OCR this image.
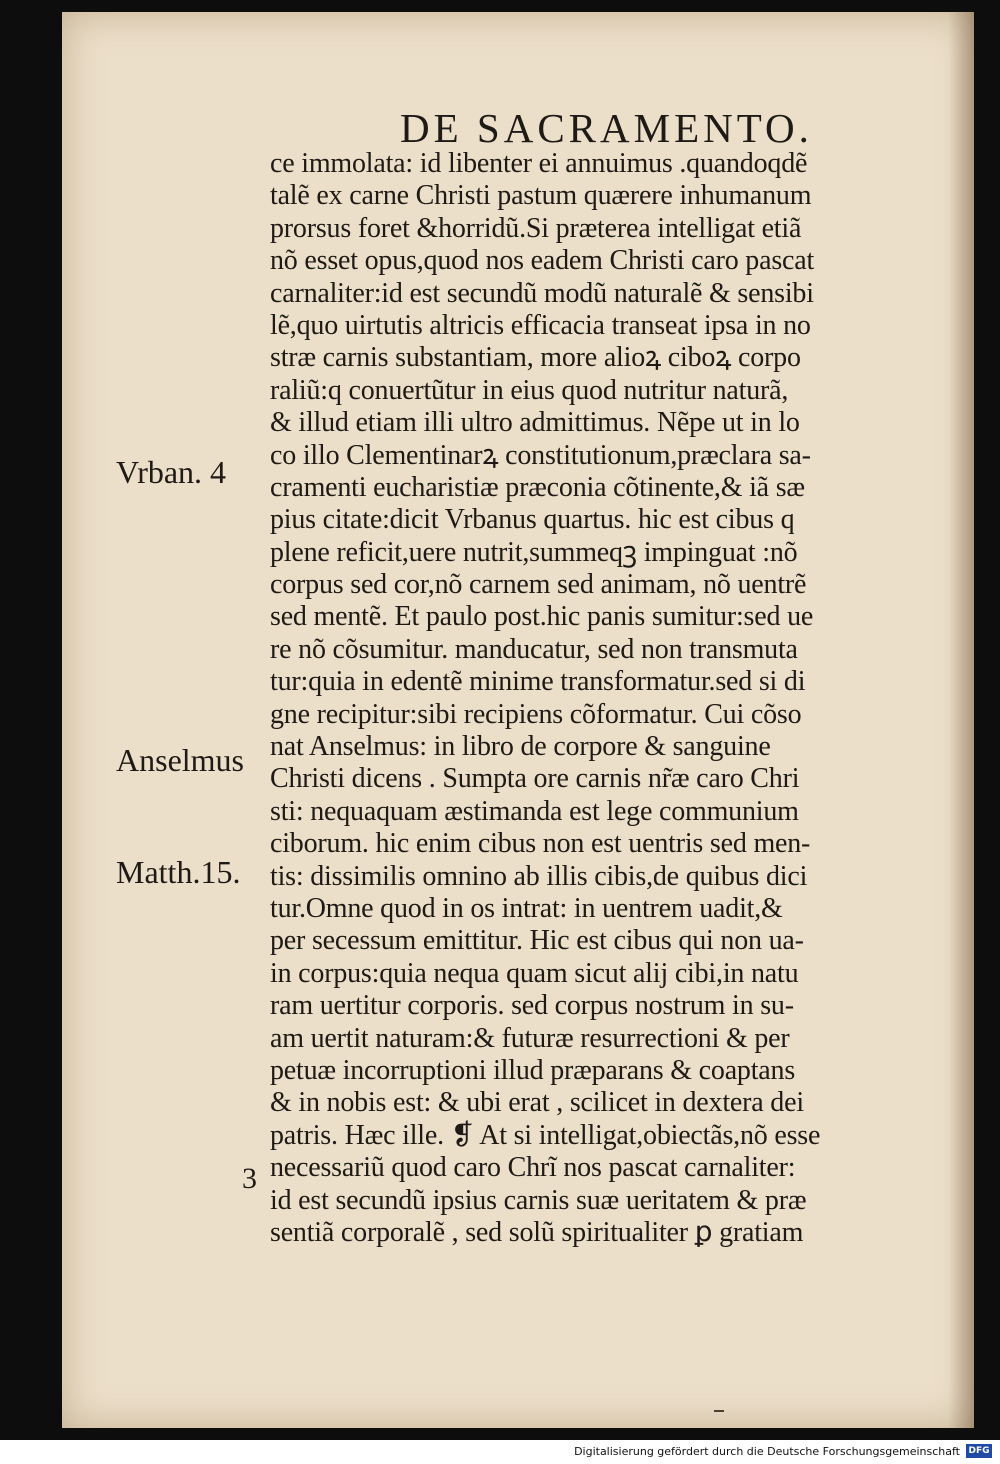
DE SACRAMENTO.
ce immolata: id libenter ei annuimus .quandoqdẽ
talẽ ex carne Christi pastum quærere inhumanum
prorsus foret &horridũ.Si præterea intelligat etiã
nõ esset opus,quod nos eadem Christi caro pascat
carnaliter:id est secundũ modũ naturalẽ & sensibi
lẽ,quo uirtutis altricis efficacia transeat ipsa in no
stræ carnis substantiam, more alioꝝ ciboꝝ corpo
raliũ:q conuertũtur in eius quod nutritur naturã,
& illud etiam illi ultro admittimus. Nẽpe ut in lo
co illo Clementinarꝝ constitutionum,præclara sa-
cramenti eucharistiæ præconia cõtinente,& iã sæ
pius citate:dicit Vrbanus quartus. hic est cibus q
plene reficit,uere nutrit,summeqꝫ impinguat :nõ
corpus sed cor,nõ carnem sed animam, nõ uentrẽ
sed mentẽ. Et paulo post.hic panis sumitur:sed ue
re nõ cõsumitur. manducatur, sed non transmuta
tur:quia in edentẽ minime transformatur.sed si di
gne recipitur:sibi recipiens cõformatur. Cui cõso
nat Anselmus: in libro de corpore & sanguine
Christi dicens . Sumpta ore carnis nr̃æ caro Chri
sti: nequaquam æstimanda est lege communium
ciborum. hic enim cibus non est uentris sed men-
tis: dissimilis omnino ab illis cibis,de quibus dici
tur.Omne quod in os intrat: in uentrem uadit,&
per secessum emittitur. Hic est cibus qui non ua-
in corpus:quia nequa quam sicut alĳ cibi,in natu
ram uertitur corporis. sed corpus nostrum in su-
am uertit naturam:& futuræ resurrectioni & per
petuæ incorruptioni illud præparans & coaptans
& in nobis est: & ubi erat , scilicet in dextera dei
patris. Hæc ille. ❡ At si intelligat,obiectãs,nõ esse
necessariũ quod caro Chrĩ nos pascat carnaliter:
id est secundũ ipsius carnis suæ ueritatem & præ
sentiã corporalẽ , sed solũ spiritualiter ꝑ gratiam
Vrban. 4
Anselmus
Matth.15.
3
Digitalisierung gefördert durch die Deutsche Forschungsgemeinschaft DFG
